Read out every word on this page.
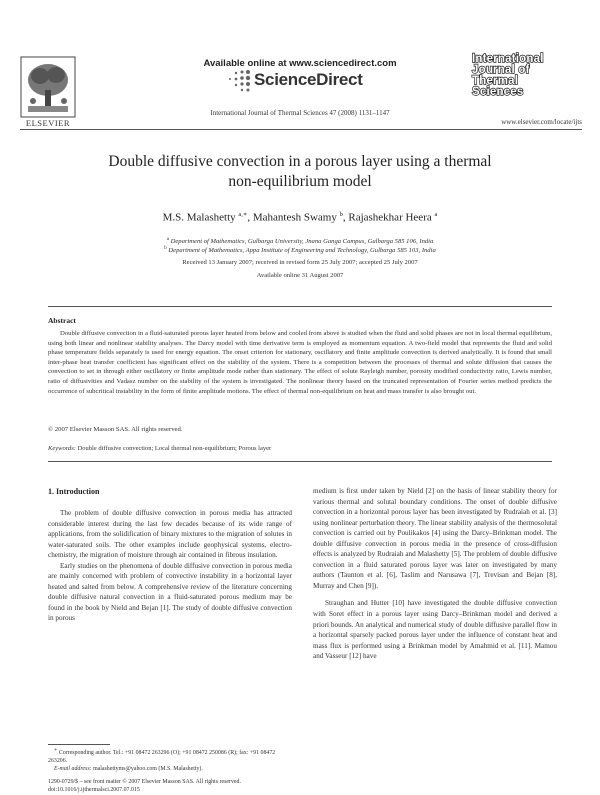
ELSEVIER
Available online at www.sciencedirect.com
ScienceDirect
International Journal of Thermal Sciences 47 (2008) 1131–1147
International
Journal of
Thermal
Sciences
www.elsevier.com/locate/ijts
Double diffusive convection in a porous layer using a thermal
non-equilibrium model
M.S. Malashetty $^{a,∗}$, Mahantesh Swamy $^b$, Rajashekhar Heera $^a$
$^a$ Department of Mathematics, Gulbarga University, Jnana Ganga Campus, Gulbarga 585 106, India
$^b$ Department of Mathematics, Appa Institute of Engineering and Technology, Gulbarga 585 103, India
Received 13 January 2007; received in revised form 25 July 2007; accepted 25 July 2007
Available online 31 August 2007
Abstract
Double diffusive convection in a fluid-saturated porous layer heated from below and cooled from above is studied when the fluid and solid phases are not in local thermal equilibrium, using both linear and nonlinear stability analyses. The Darcy model with time derivative term is employed as momentum equation. A two-field model that represents the fluid and solid phase temperature fields separately is used for energy equation. The onset criterion for stationary, oscillatory and finite amplitude convection is derived analytically. It is found that small inter-phase heat transfer coefficient has significant effect on the stability of the system. There is a competition between the processes of thermal and solute diffusion that causes the convection to set in through either oscillatory or finite amplitude mode rather than stationary. The effect of solute Rayleigh number, porosity modified conductivity ratio, Lewis number, ratio of diffusivities and Vadasz number on the stability of the system is investigated. The nonlinear theory based on the truncated representation of Fourier series method predicts the occurrence of subcritical instability in the form of finite amplitude motions. The effect of thermal non-equilibrium on heat and mass transfer is also brought out.
© 2007 Elsevier Masson SAS. All rights reserved.
Keywords: Double diffusive convection; Local thermal non-equilibrium; Porous layer
1. Introduction

The problem of double diffusive convection in porous media has attracted considerable interest during the last few decades because of its wide range of applications, from the solidification of binary mixtures to the migration of solutes in water-saturated soils. The other examples include geophysical systems, electro-chemistry, the migration of moisture through air contained in fibrous insulation.

Early studies on the phenomena of double diffusive convection in porous media are mainly concerned with problem of convective instability in a horizontal layer heated and salted from below. A comprehensive review of the literature concerning double diffusive natural convection in a fluid-saturated porous medium may be found in the book by Nield and Bejan [1]. The study of double diffusive convection in porous

medium is first under taken by Nield [2] on the basis of linear stability theory for various thermal and solutal boundary conditions. The onset of double diffusive convection in a horizontal porous layer has been investigated by Rudraiah et al. [3] using nonlinear perturbation theory. The linear stability analysis of the thermosolutal convection is carried out by Poulikakos [4] using the Darcy–Brinkman model. The double diffusive convection in porous media in the presence of cross-diffusion effects is analyzed by Rudraiah and Malashetty [5]. The problem of double diffusive convection in a fluid saturated porous layer was later on investigated by many authors (Taunton et al. [6], Taslim and Narusawa [7], Trevisan and Bejan [8], Murray and Chen [9]).

Straughan and Hutter [10] have investigated the double diffusive convection with Soret effect in a porous layer using Darcy–Brinkman model and derived a priori bounds. An analytical and numerical study of double diffusive parallel flow in a horizontal sparsely packed porous layer under the influence of constant heat and mass flux is performed using a Brinkman model by Amahmid et al. [11]. Mamou and Vasseur [12] have

∗ Corresponding author. Tel.: +91 08472 263296 (O); +91 08472 250086 (R); fax: +91 08472 263206.
E-mail address: malashettyms@yahoo.com (M.S. Malashetty).
1290-0729/$ – see front matter © 2007 Elsevier Masson SAS. All rights reserved.
doi:10.1016/j.ijthermalsci.2007.07.015
